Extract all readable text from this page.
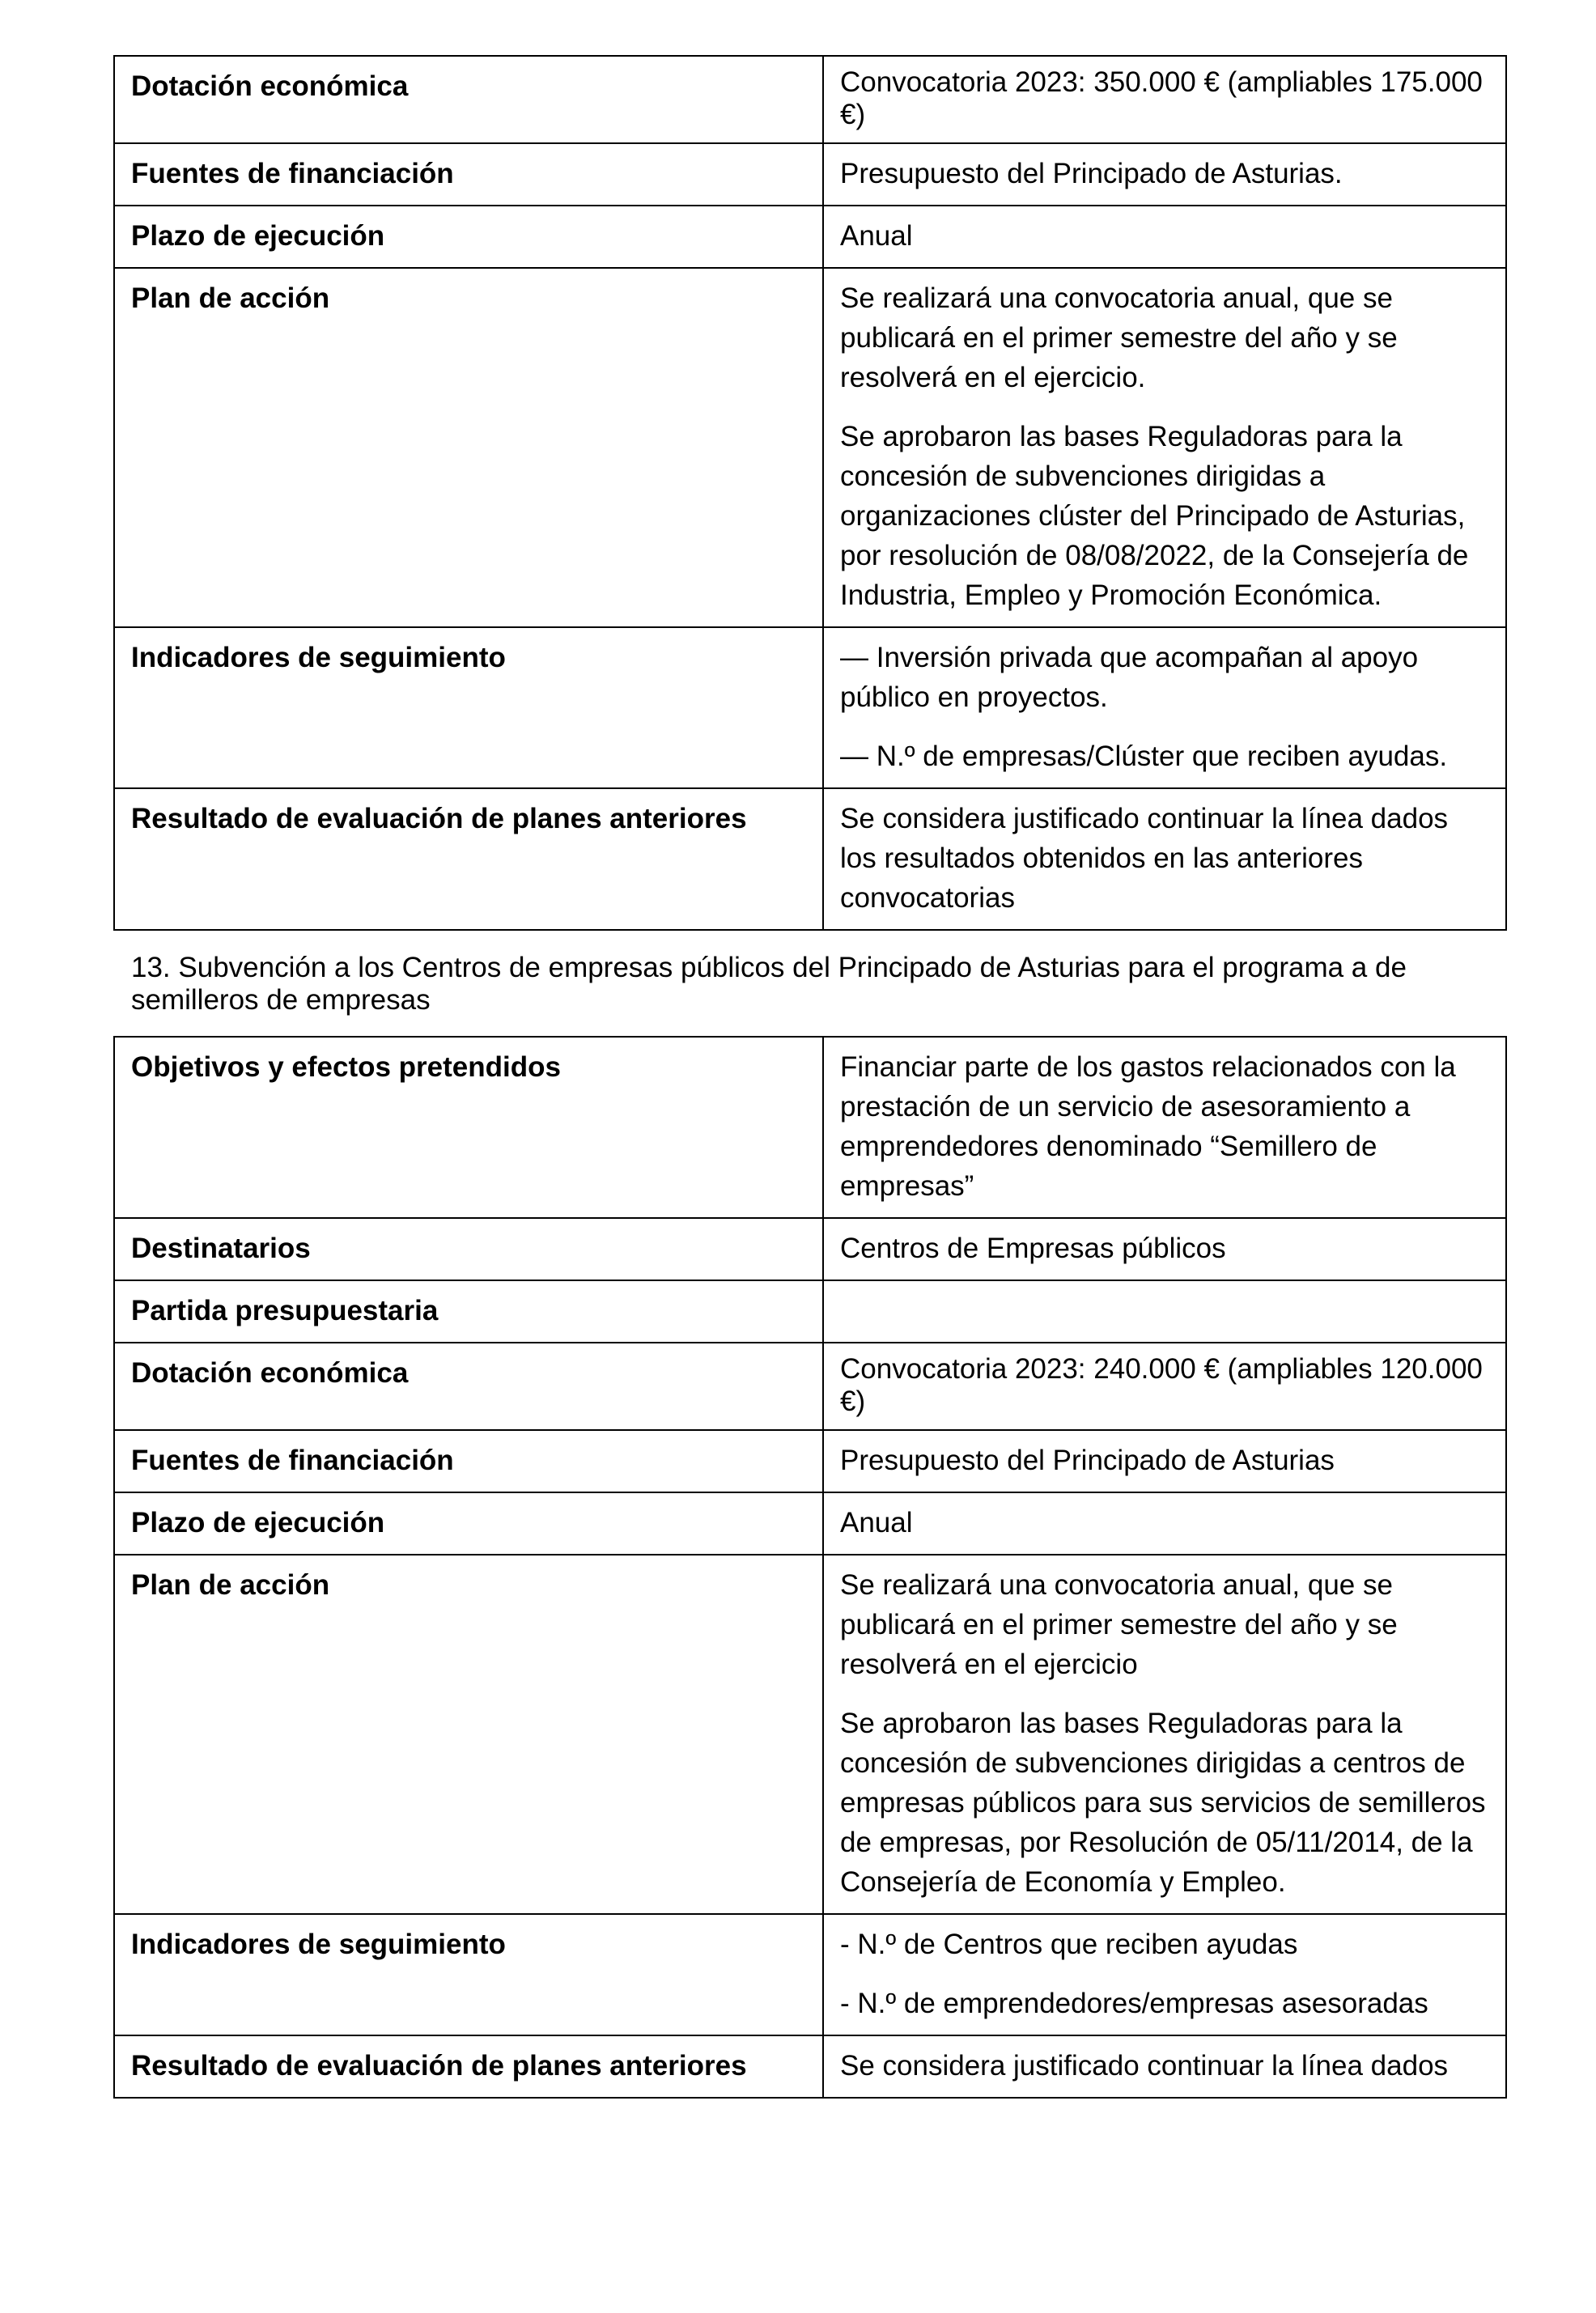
Dotación económica	Convocatoria 2023: 350.000 € (ampliables 175.000 €)

Fuentes de financiación	Presupuesto del Principado de Asturias.

Plazo de ejecución	Anual

Plan de acción	Se realizará una convocatoria anual, que se publicará en el primer semestre del año y se resolverá en el ejercicio.

Se aprobaron las bases Reguladoras para la concesión de subvenciones dirigidas a organizaciones clúster del Principado de Asturias, por resolución de 08/08/2022, de la Consejería de Industria, Empleo y Promoción Económica.

Indicadores de seguimiento	— Inversión privada que acompañan al apoyo público en proyectos.

— N.º de empresas/Clúster que reciben ayudas.

Resultado de evaluación de planes anteriores	Se considera justificado continuar la línea dados los resultados obtenidos en las anteriores convocatorias

13. Subvención a los Centros de empresas públicos del Principado de Asturias para el programa a de semilleros de empresas
Objetivos y efectos pretendidos	Financiar parte de los gastos relacionados con la prestación de un servicio de asesoramiento a emprendedores denominado “Semillero de empresas”

Destinatarios	Centros de Empresas públicos

Partida presupuestaria	

Dotación económica	Convocatoria 2023: 240.000 € (ampliables 120.000 €)

Fuentes de financiación	Presupuesto del Principado de Asturias

Plazo de ejecución	Anual

Plan de acción	Se realizará una convocatoria anual, que se publicará en el primer semestre del año y se resolverá en el ejercicio

Se aprobaron las bases Reguladoras para la concesión de subvenciones dirigidas a centros de empresas públicos para sus servicios de semilleros de empresas, por Resolución de 05/11/2014, de la Consejería de Economía y Empleo.

Indicadores de seguimiento	- N.º de Centros que reciben ayudas

- N.º de emprendedores/empresas asesoradas

Resultado de evaluación de planes anteriores	Se considera justificado continuar la línea dados
